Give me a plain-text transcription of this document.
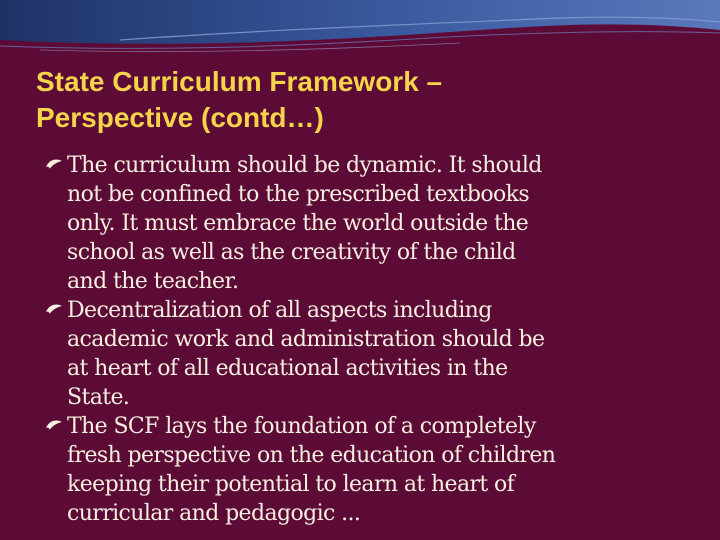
State Curriculum Framework –
Perspective (contd…)
The curriculum should be dynamic. It should
not be confined to the prescribed textbooks
only. It must embrace the world outside the
school as well as the creativity of the child
and the teacher.
Decentralization of all aspects including
academic work and administration should be
at heart of all educational activities in the
State.
The SCF lays the foundation of a completely
fresh perspective on the education of children
keeping their potential to learn at heart of
curricular and pedagogic ...
